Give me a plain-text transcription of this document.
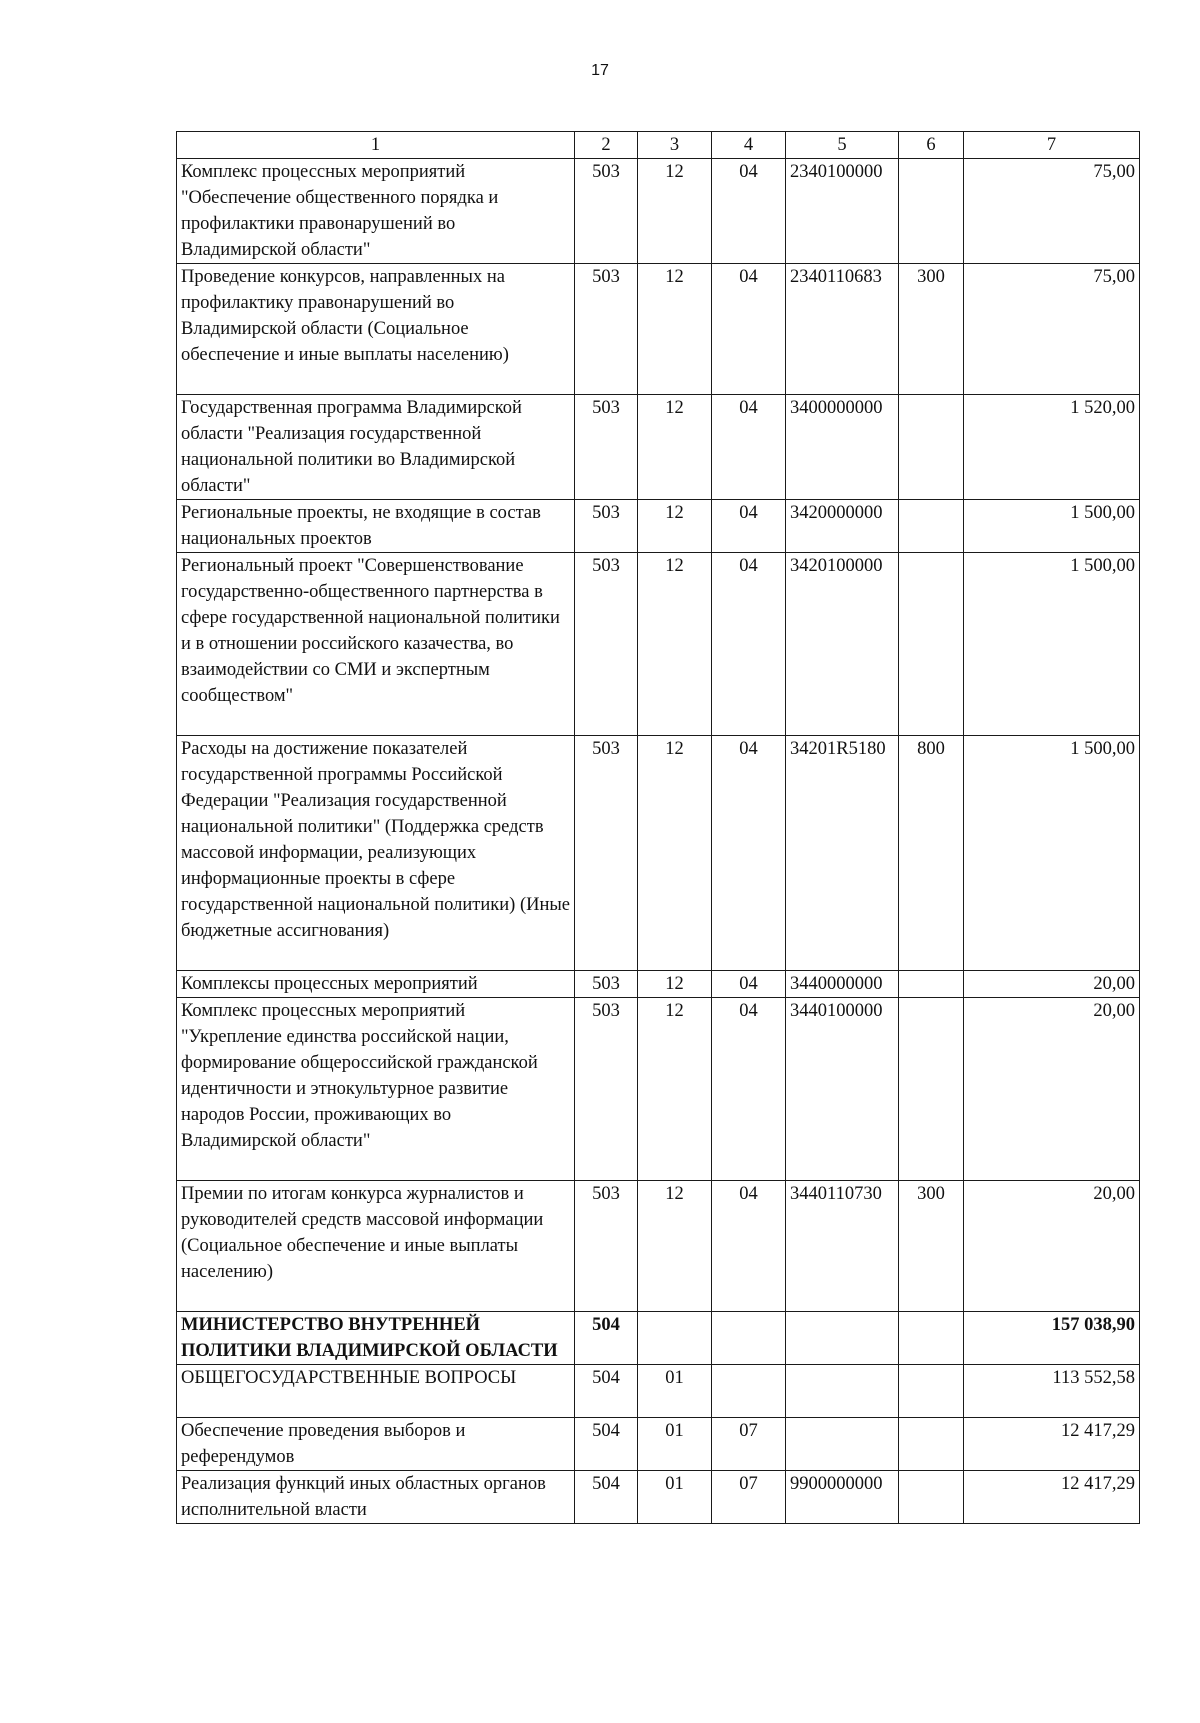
17
1	2	3	4	5	6	7
Комплекс процессных мероприятий "Обеспечение общественного порядка и профилактики правонарушений во Владимирской области"	503	12	04	2340100000		75,00
Проведение конкурсов, направленных на профилактику правонарушений во Владимирской области (Социальное обеспечение и иные выплаты населению)	503	12	04	2340110683	300	75,00
Государственная программа Владимирской области "Реализация государственной национальной политики во Владимирской области"	503	12	04	3400000000		1 520,00
Региональные проекты, не входящие в состав национальных проектов	503	12	04	3420000000		1 500,00
Региональный проект "Совершенствование государственно-общественного партнерства в сфере государственной национальной политики и в отношении российского казачества, во взаимодействии со СМИ и экспертным сообществом"	503	12	04	3420100000		1 500,00
Расходы на достижение показателей государственной программы Российской Федерации "Реализация государственной национальной политики" (Поддержка средств массовой информации, реализующих информационные проекты в сфере государственной национальной политики) (Иные бюджетные ассигнования)	503	12	04	34201R5180	800	1 500,00
Комплексы процессных мероприятий	503	12	04	3440000000		20,00
Комплекс процессных мероприятий "Укрепление единства российской нации, формирование общероссийской гражданской идентичности и этнокультурное развитие народов России, проживающих во Владимирской области"	503	12	04	3440100000		20,00
Премии по итогам конкурса журналистов и руководителей средств массовой информации (Социальное обеспечение и иные выплаты населению)	503	12	04	3440110730	300	20,00
МИНИСТЕРСТВО ВНУТРЕННЕЙ ПОЛИТИКИ ВЛАДИМИРСКОЙ ОБЛАСТИ	504					157 038,90
ОБЩЕГОСУДАРСТВЕННЫЕ ВОПРОСЫ	504	01				113 552,58
Обеспечение проведения выборов и референдумов	504	01	07			12 417,29
Реализация функций иных областных органов исполнительной власти	504	01	07	9900000000		12 417,29
